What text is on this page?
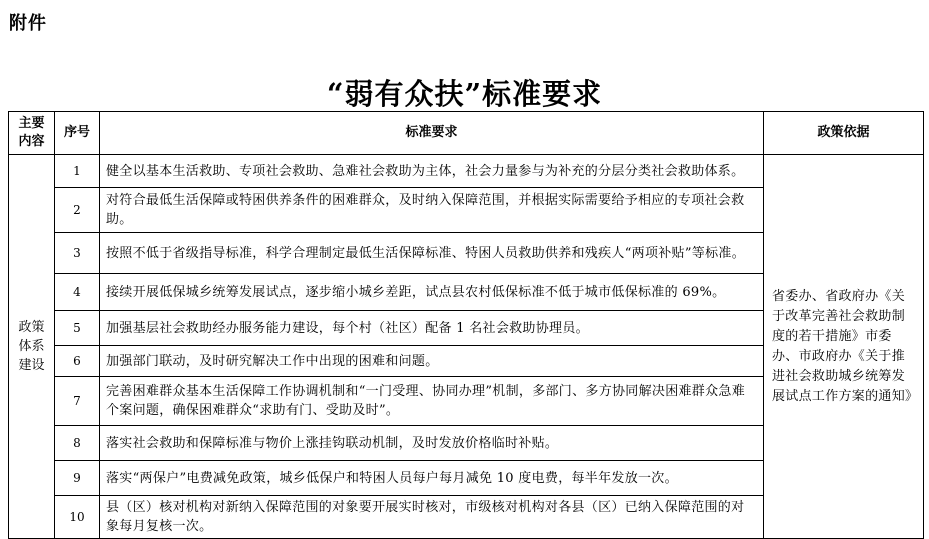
附件
“弱有众扶”标准要求
主要内容	序号	标准要求	政策依据
政策体系建设	1	健全以基本生活救助、专项社会救助、急难社会救助为主体，社会力量参与为补充的分层分类社会救助体系。	省委办、省政府办《关于改革完善社会救助制度的若干措施》市委办、市政府办《关于推进社会救助城乡统筹发展试点工作方案的通知》
	2	对符合最低生活保障或特困供养条件的困难群众，及时纳入保障范围，并根据实际需要给予相应的专项社会救助。	
	3	按照不低于省级指导标准，科学合理制定最低生活保障标准、特困人员救助供养和残疾人“两项补贴”等标准。	
	4	接续开展低保城乡统筹发展试点，逐步缩小城乡差距，试点县农村低保标准不低于城市低保标准的 69%。	
	5	加强基层社会救助经办服务能力建设，每个村（社区）配备 1 名社会救助协理员。	
	6	加强部门联动，及时研究解决工作中出现的困难和问题。	
	7	完善困难群众基本生活保障工作协调机制和“一门受理、协同办理”机制，多部门、多方协同解决困难群众急难个案问题，确保困难群众“求助有门、受助及时”。	
	8	落实社会救助和保障标准与物价上涨挂钩联动机制，及时发放价格临时补贴。	
	9	落实“两保户”电费减免政策，城乡低保户和特困人员每户每月减免 10 度电费，每半年发放一次。	
	10	县（区）核对机构对新纳入保障范围的对象要开展实时核对，市级核对机构对各县（区）已纳入保障范围的对象每月复核一次。	
